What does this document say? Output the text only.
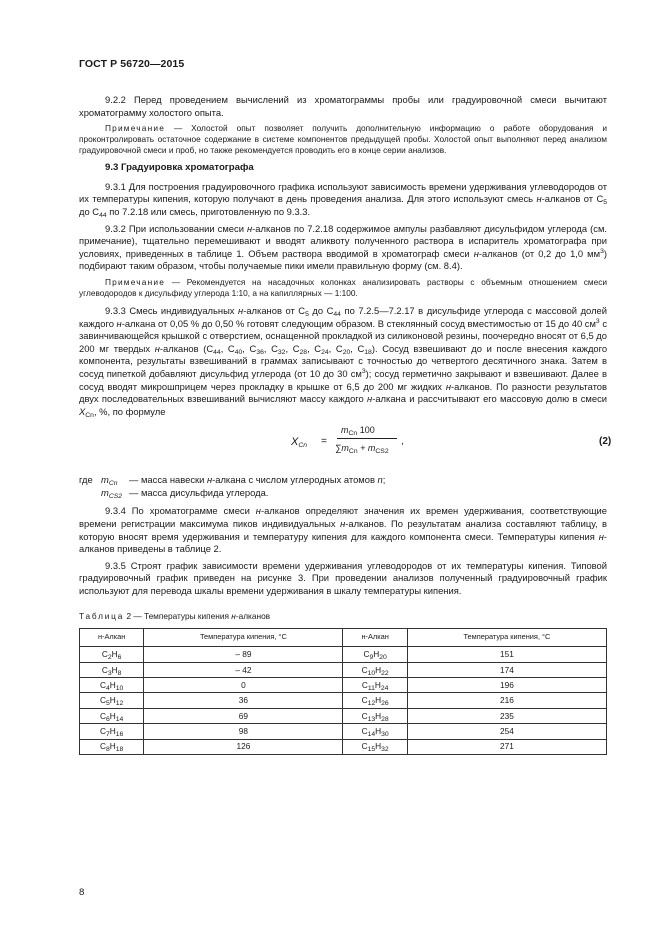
ГОСТ Р 56720—2015

9.2.2 Перед проведением вычислений из хроматограммы пробы или градуировочной смеси вычитают хроматограмму холостого опыта.

Примечание — Холостой опыт позволяет получить дополнительную информацию о работе оборудования и проконтролировать остаточное содержание в системе компонентов предыдущей пробы. Холостой опыт выполняют перед анализом градуировочной смеси и проб, но также рекомендуется проводить его в конце серии анализов.

9.3 Градуировка хроматографа

9.3.1 Для построения градуировочного графика используют зависимость времени удерживания углеводородов от их температуры кипения, которую получают в день проведения анализа. Для этого используют смесь н-алканов от $C_5$ до $C_{44}$ по 7.2.18 или смесь, приготовленную по 9.3.3.

9.3.2 При использовании смеси н-алканов по 7.2.18 содержимое ампулы разбавляют дисульфидом углерода (см. примечание), тщательно перемешивают и вводят аликвоту полученного раствора в испаритель хроматографа при условиях, приведенных в таблице 1. Объем раствора вводимой в хроматограф смеси н-алканов (от 0,2 до 1,0 $мм^3$) подбирают таким образом, чтобы получаемые пики имели правильную форму (см. 8.4).

Примечание — Рекомендуется на насадочных колонках анализировать растворы с объемным отношением смеси углеводородов к дисульфиду углерода 1:10, а на капиллярных — 1:100.

9.3.3 Смесь индивидуальных н-алканов от $C_5$ до $C_{44}$ по 7.2.5—7.2.17 в дисульфиде углерода с массовой долей каждого н-алкана от 0,05 % до 0,50 % готовят следующим образом. В стеклянный сосуд вместимостью от 15 до 40 $см^3$ с завинчивающейся крышкой с отверстием, оснащенной прокладкой из силиконовой резины, поочередно вносят от 6,5 до 200 мг твердых н-алканов ($C_{44}$, $C_{40}$, $C_{36}$, $C_{32}$, $C_{28}$, $C_{24}$, $C_{20}$, $C_{18}$). Сосуд взвешивают до и после внесения каждого компонента, результаты взвешиваний в граммах записывают с точностью до четвертого десятичного знака. Затем в сосуд пипеткой добавляют дисульфид углерода (от 10 до 30 $см^3$); сосуд герметично закрывают и взвешивают. Далее в сосуд вводят микрошприцем через прокладку в крышке от 6,5 до 200 мг жидких н-алканов. По разности результатов двух последовательных взвешиваний вычисляют массу каждого н-алкана и рассчитывают его массовую долю в смеси $X_{Cn}$, %, по формуле

$X_{Cn}$ =
$m_{Cn}$ 100
$\sum m_{Cn} + m_{CS2}$
,	(2)
где $m_{Cn}$ — масса навески н-алкана с числом углеродных атомов n;
$m_{CS2}$ — масса дисульфида углерода.

9.3.4 По хроматограмме смеси н-алканов определяют значения их времен удерживания, соответствующие времени регистрации максимума пиков индивидуальных н-алканов. По результатам анализа составляют таблицу, в которую вносят время удерживания и температуру кипения для каждого компонента смеси. Температуры кипения н-алканов приведены в таблице 2.

9.3.5 Строят график зависимости времени удерживания углеводородов от их температуры кипения. Типовой градуировочный график приведен на рисунке 3. При проведении анализов полученный градуировочный график используют для перевода шкалы времени удерживания в шкалу температуры кипения.

Таблица 2 — Температуры кипения н-алканов
н-Алкан	Температура кипения, °C	н-Алкан	Температура кипения, °C
$C_2H_6$	– 89	$C_9H_{20}$	151
$C_3H_8$	– 42	$C_{10}H_{22}$	174
$C_4H_{10}$	0	$C_{11}H_{24}$	196
$C_5H_{12}$	36	$C_{12}H_{26}$	216
$C_6H_{14}$	69	$C_{13}H_{28}$	235
$C_7H_{16}$	98	$C_{14}H_{30}$	254
$C_8H_{18}$	126	$C_{15}H_{32}$	271
8
